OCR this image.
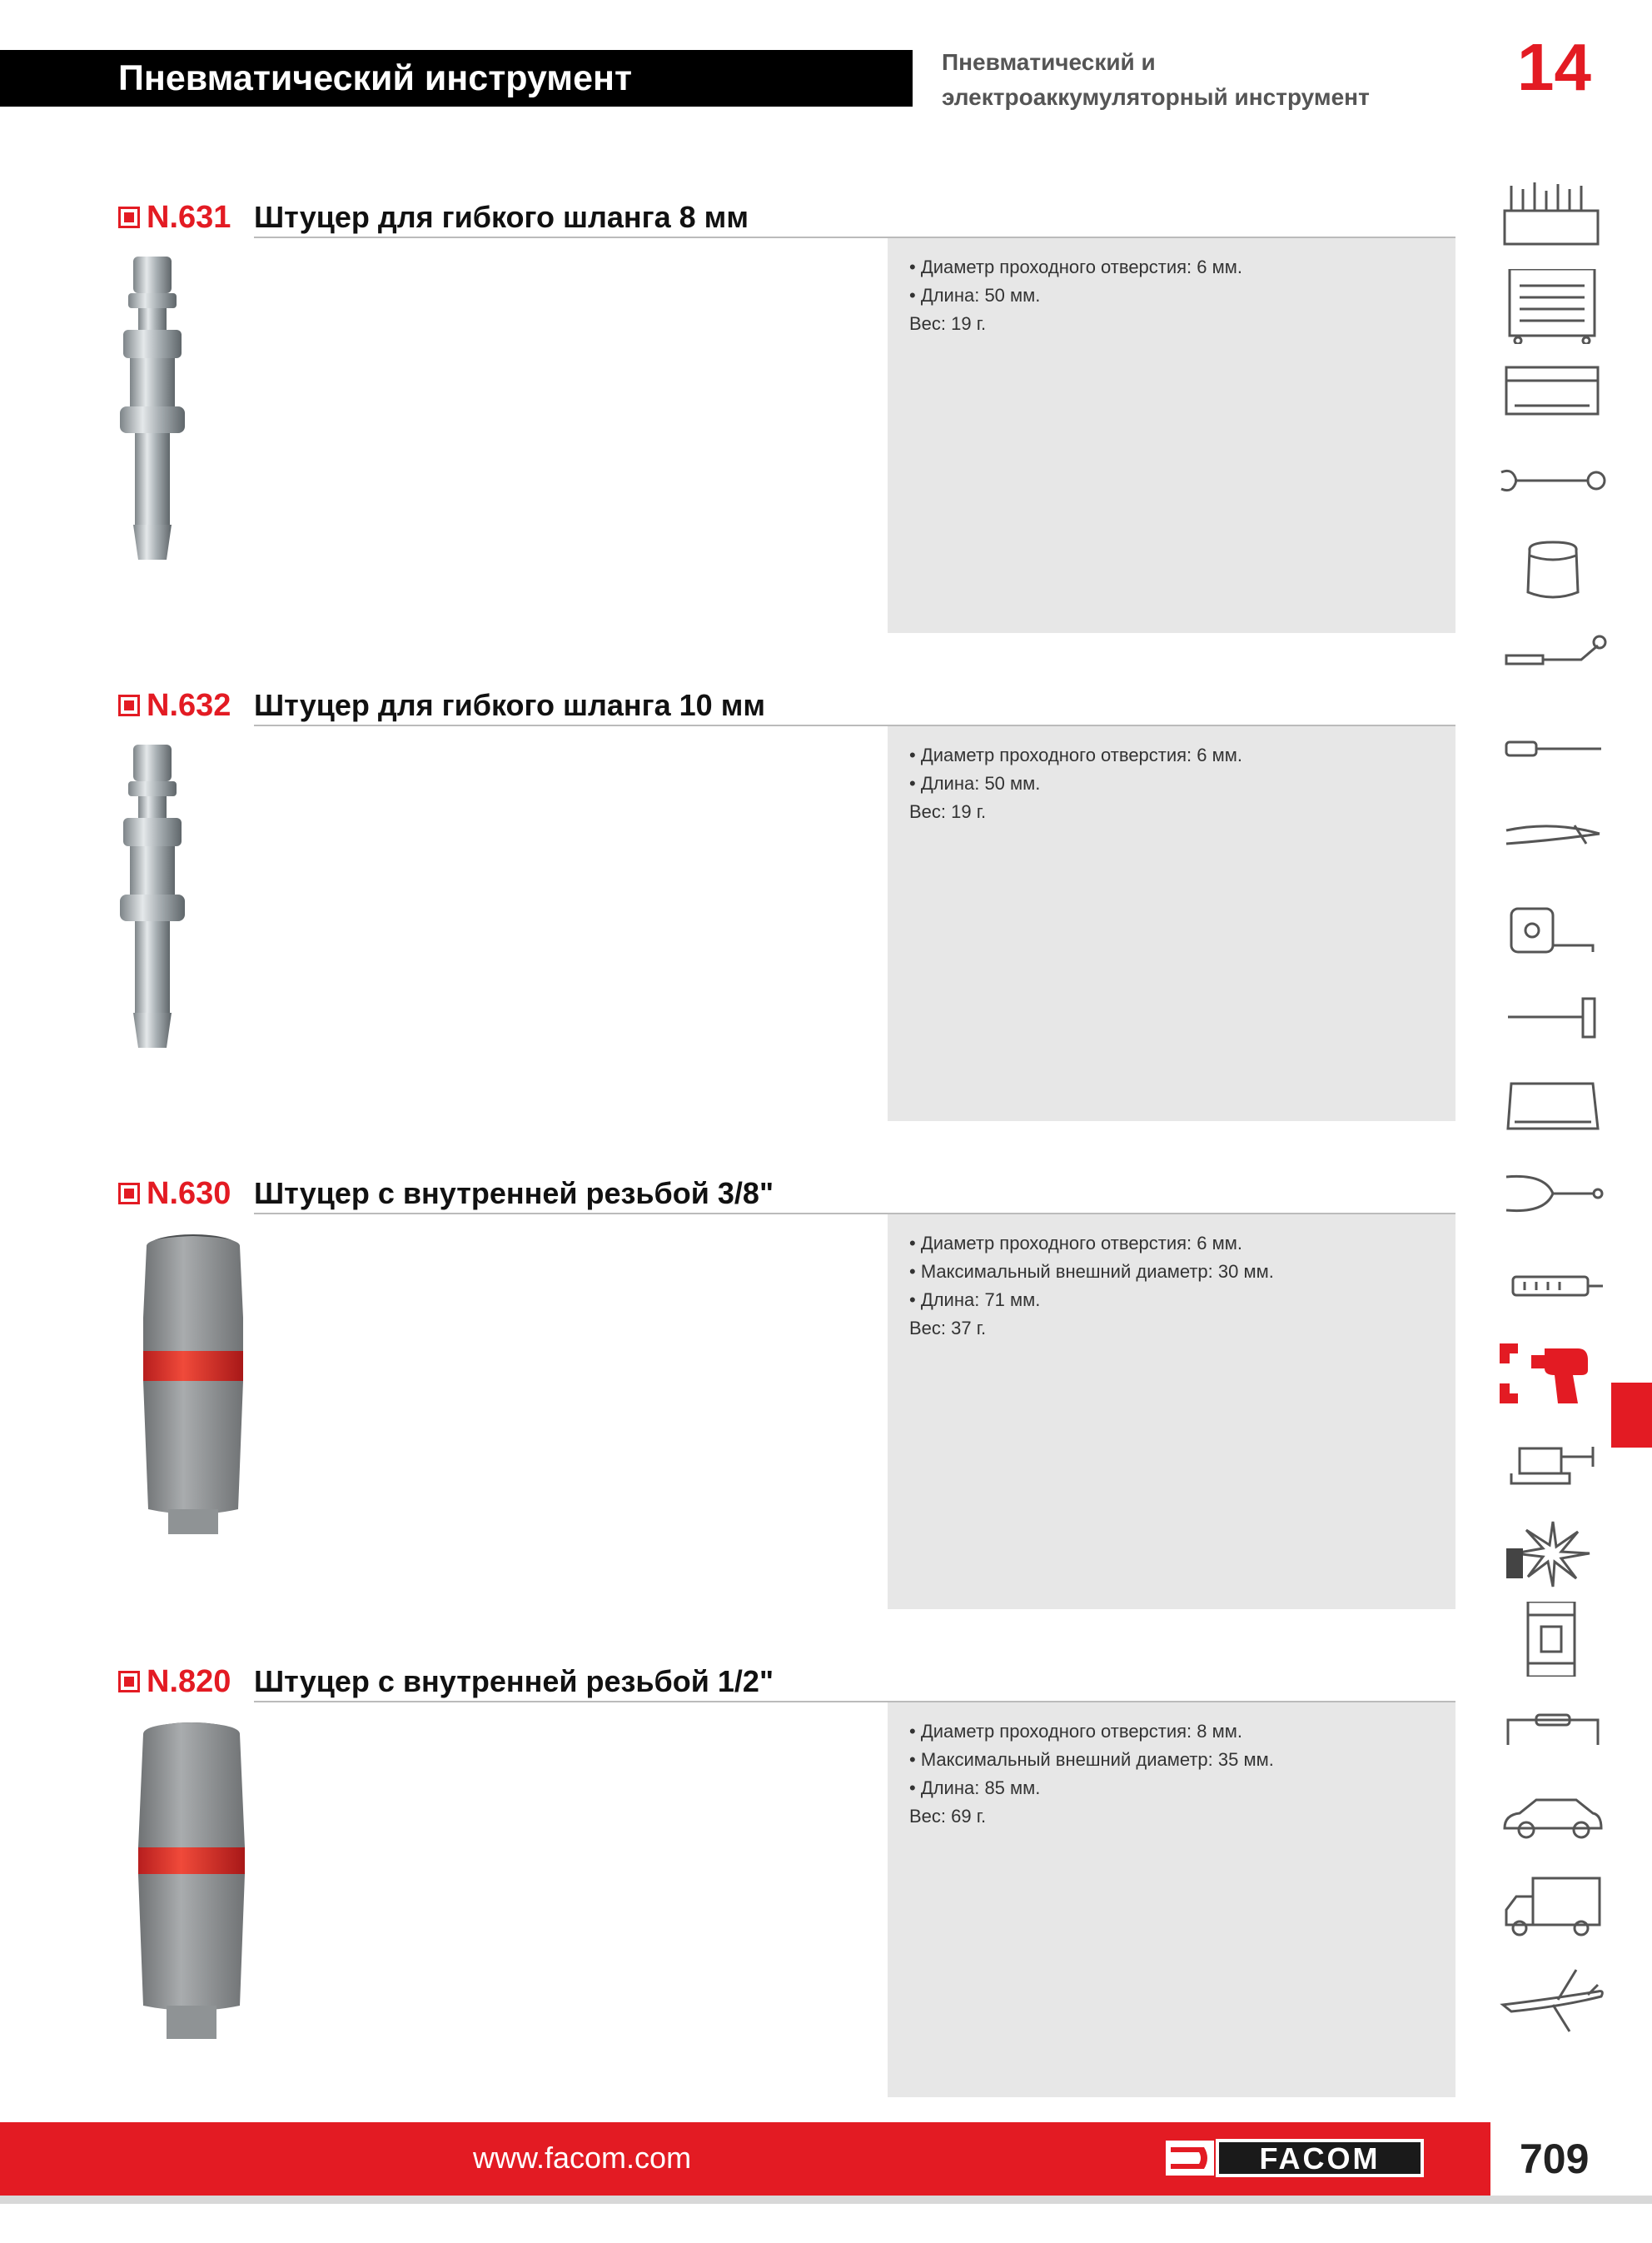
Пневматический инструмент	Пневматический и
электроаккумуляторный инструмент 14
N.631 Штуцер для гибкого шланга 8 мм
• Диаметр проходного отверстия: 6 мм.
• Длина: 50 мм.
Вес: 19 г.
N.632 Штуцер для гибкого шланга 10 мм
• Диаметр проходного отверстия: 6 мм.
• Длина: 50 мм.
Вес: 19 г.
N.630 Штуцер с внутренней резьбой 3/8"
• Диаметр проходного отверстия: 6 мм.
• Максимальный внешний диаметр: 30 мм.
• Длина: 71 мм.
Вес: 37 г.
N.820 Штуцер с внутренней резьбой 1/2"
• Диаметр проходного отверстия: 8 мм.
• Максимальный внешний диаметр: 35 мм.
• Длина: 85 мм.
Вес: 69 г.
www.facom.com	FACOM	709
